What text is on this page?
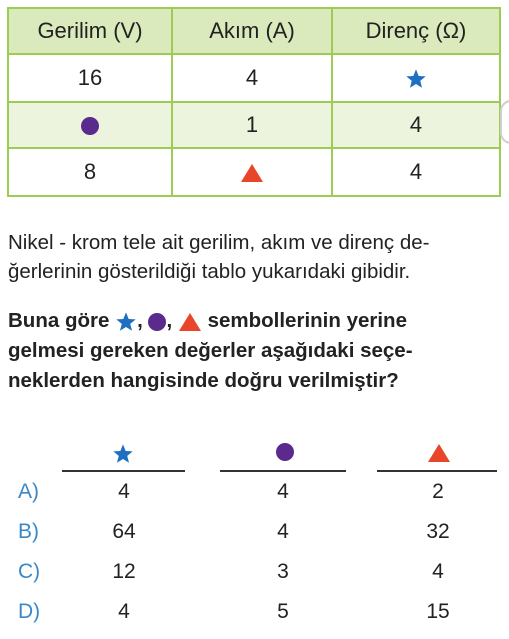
Gerilim (V)	Akım (A)	Direnç (Ω)
16	4	
	1	4
8		4

Nikel - krom tele ait gerilim, akım ve direnç de-
ğerlerinin gösterildiği tablo yukarıdaki gibidir.

Buna göre , , sembollerinin yerine
gelmesi gereken değerler aşağıdaki seçe-
neklerden hangisinde doğru verilmiştir?

A)	4	4	2
B)	64	4	32
C)	12	3	4
D)	4	5	15
